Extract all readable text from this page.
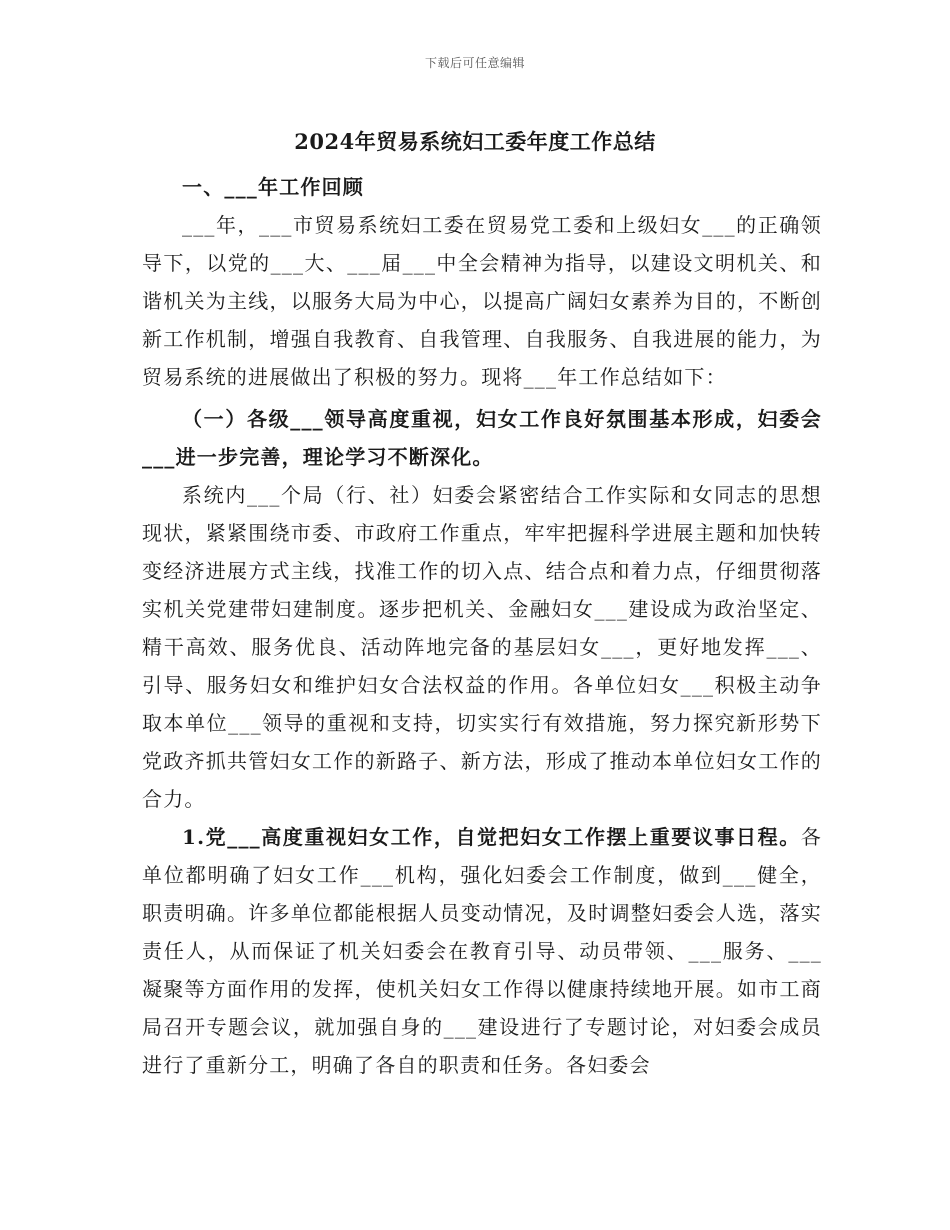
下载后可任意编辑
2024年贸易系统妇工委年度工作总结

一、___年工作回顾

___年，___市贸易系统妇工委在贸易党工委和上级妇女___的正确领导下，以党的___大、___届___中全会精神为指导，以建设文明机关、和谐机关为主线，以服务大局为中心，以提高广阔妇女素养为目的，不断创新工作机制，增强自我教育、自我管理、自我服务、自我进展的能力，为贸易系统的进展做出了积极的努力。现将___年工作总结如下：

（一）各级___领导高度重视，妇女工作良好氛围基本形成，妇委会___进一步完善，理论学习不断深化。

系统内___个局（行、社）妇委会紧密结合工作实际和女同志的思想现状，紧紧围绕市委、市政府工作重点，牢牢把握科学进展主题和加快转变经济进展方式主线，找准工作的切入点、结合点和着力点，仔细贯彻落实机关党建带妇建制度。逐步把机关、金融妇女___建设成为政治坚定、精干高效、服务优良、活动阵地完备的基层妇女___，更好地发挥___、引导、服务妇女和维护妇女合法权益的作用。各单位妇女___积极主动争取本单位___领导的重视和支持，切实实行有效措施，努力探究新形势下党政齐抓共管妇女工作的新路子、新方法，形成了推动本单位妇女工作的合力。

1.党___高度重视妇女工作，自觉把妇女工作摆上重要议事日程。各单位都明确了妇女工作___机构，强化妇委会工作制度，做到___健全，职责明确。许多单位都能根据人员变动情况，及时调整妇委会人选，落实责任人，从而保证了机关妇委会在教育引导、动员带领、___服务、___凝聚等方面作用的发挥，使机关妇女工作得以健康持续地开展。如市工商局召开专题会议，就加强自身的___建设进行了专题讨论，对妇委会成员进行了重新分工，明确了各自的职责和任务。各妇委会
